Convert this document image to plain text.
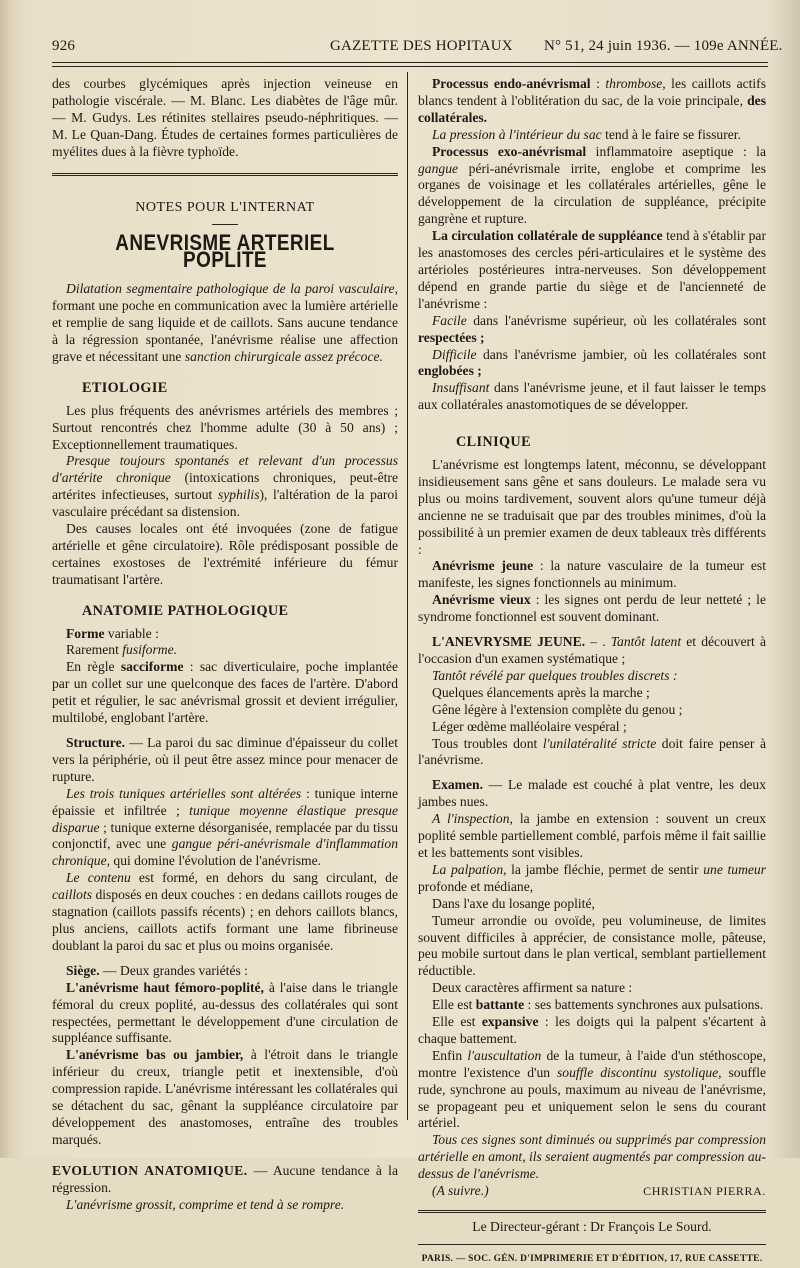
926	GAZETTE DES HOPITAUX N° 51, 24 juin 1936. — 109e ANNÉE.

des courbes glycémiques après injection veineuse en pathologie viscérale. — M. Blanc. Les diabètes de l'âge mûr. — M. Gudys. Les rétinites stellaires pseudo-néphritiques. — M. Le Quan-Dang. Études de certaines formes particulières de myélites dues à la fièvre typhoïde.

NOTES POUR L'INTERNAT
ANEVRISME ARTERIEL POPLITE

Dilatation segmentaire pathologique de la paroi vasculaire, formant une poche en communication avec la lumière artérielle et remplie de sang liquide et de caillots. Sans aucune tendance à la régression spontanée, l'anévrisme réalise une affection grave et nécessitant une sanction chirurgicale assez précoce.

ETIOLOGIE

Les plus fréquents des anévrismes artériels des membres ; Surtout rencontrés chez l'homme adulte (30 à 50 ans) ; Exceptionnellement traumatiques.

Presque toujours spontanés et relevant d'un processus d'artérite chronique (intoxications chroniques, peut-être artérites infectieuses, surtout syphilis), l'altération de la paroi vasculaire précédant sa distension.

Des causes locales ont été invoquées (zone de fatigue artérielle et gêne circulatoire). Rôle prédisposant possible de certaines exostoses de l'extrémité inférieure du fémur traumatisant l'artère.

ANATOMIE PATHOLOGIQUE

Forme variable :

Rarement fusiforme.

En règle sacciforme : sac diverticulaire, poche implantée par un collet sur une quelconque des faces de l'artère. D'abord petit et régulier, le sac anévrismal grossit et devient irrégulier, multilobé, englobant l'artère.

Structure. — La paroi du sac diminue d'épaisseur du collet vers la périphérie, où il peut être assez mince pour menacer de rupture.

Les trois tuniques artérielles sont altérées : tunique interne épaissie et infiltrée ; tunique moyenne élastique presque disparue ; tunique externe désorganisée, remplacée par du tissu conjonctif, avec une gangue péri-anévrismale d'inflammation chronique, qui domine l'évolution de l'anévrisme.

Le contenu est formé, en dehors du sang circulant, de caillots disposés en deux couches : en dedans caillots rouges de stagnation (caillots passifs récents) ; en dehors caillots blancs, plus anciens, caillots actifs formant une lame fibrineuse doublant la paroi du sac et plus ou moins organisée.

Siège. — Deux grandes variétés :

L'anévrisme haut fémoro-poplité, à l'aise dans le triangle fémoral du creux poplité, au-dessus des collatérales qui sont respectées, permettant le développement d'une circulation de suppléance suffisante.

L'anévrisme bas ou jambier, à l'étroit dans le triangle inférieur du creux, triangle petit et inextensible, d'où compression rapide. L'anévrisme intéressant les collatérales qui se détachent du sac, gênant la suppléance circulatoire par développement des anastomoses, entraîne des troubles marqués.

EVOLUTION ANATOMIQUE. — Aucune tendance à la régression.

L'anévrisme grossit, comprime et tend à se rompre.

Processus endo-anévrismal : thrombose, les caillots actifs blancs tendent à l'oblitération du sac, de la voie principale, des collatérales.

La pression à l'intérieur du sac tend à le faire se fissurer.

Processus exo-anévrismal inflammatoire aseptique : la gangue péri-anévrismale irrite, englobe et comprime les organes de voisinage et les collatérales artérielles, gêne le développement de la circulation de suppléance, précipite gangrène et rupture.

La circulation collatérale de suppléance tend à s'établir par les anastomoses des cercles péri-articulaires et le système des artérioles postérieures intra-nerveuses. Son développement dépend en grande partie du siège et de l'ancienneté de l'anévrisme :

Facile dans l'anévrisme supérieur, où les collatérales sont respectées ;

Difficile dans l'anévrisme jambier, où les collatérales sont englobées ;

Insuffisant dans l'anévrisme jeune, et il faut laisser le temps aux collatérales anastomotiques de se développer.

CLINIQUE

L'anévrisme est longtemps latent, méconnu, se développant insidieusement sans gêne et sans douleurs. Le malade sera vu plus ou moins tardivement, souvent alors qu'une tumeur déjà ancienne ne se traduisait que par des troubles minimes, d'où la possibilité à un premier examen de deux tableaux très différents :

Anévrisme jeune : la nature vasculaire de la tumeur est manifeste, les signes fonctionnels au minimum.

Anévrisme vieux : les signes ont perdu de leur netteté ; le syndrome fonctionnel est souvent dominant.

L'ANEVRYSME JEUNE. – . Tantôt latent et découvert à l'occasion d'un examen systématique ;

Tantôt révélé par quelques troubles discrets :

Quelques élancements après la marche ;

Gêne légère à l'extension complète du genou ;

Léger œdème malléolaire vespéral ;

Tous troubles dont l'unilatéralité stricte doit faire penser à l'anévrisme.

Examen. — Le malade est couché à plat ventre, les deux jambes nues.

A l'inspection, la jambe en extension : souvent un creux poplité semble partiellement comblé, parfois même il fait saillie et les battements sont visibles.

La palpation, la jambe fléchie, permet de sentir une tumeur profonde et médiane,

Dans l'axe du losange poplité,

Tumeur arrondie ou ovoïde, peu volumineuse, de limites souvent difficiles à apprécier, de consistance molle, pâteuse, peu mobile surtout dans le plan vertical, semblant partiellement réductible.

Deux caractères affirment sa nature :

Elle est battante : ses battements synchrones aux pulsations.

Elle est expansive : les doigts qui la palpent s'écartent à chaque battement.

Enfin l'auscultation de la tumeur, à l'aide d'un stéthoscope, montre l'existence d'un souffle discontinu systolique, souffle rude, synchrone au pouls, maximum au niveau de l'anévrisme, se propageant peu et uniquement selon le sens du courant artériel.

Tous ces signes sont diminués ou supprimés par compression artérielle en amont, ils seraient augmentés par compression au-dessus de l'anévrisme.

(A suivre.)	CHRISTIAN PIERRA.

Le Directeur-gérant : Dr François Le Sourd.
PARIS. — SOC. GÉN. D'IMPRIMERIE ET D'ÉDITION, 17, RUE CASSETTE.
